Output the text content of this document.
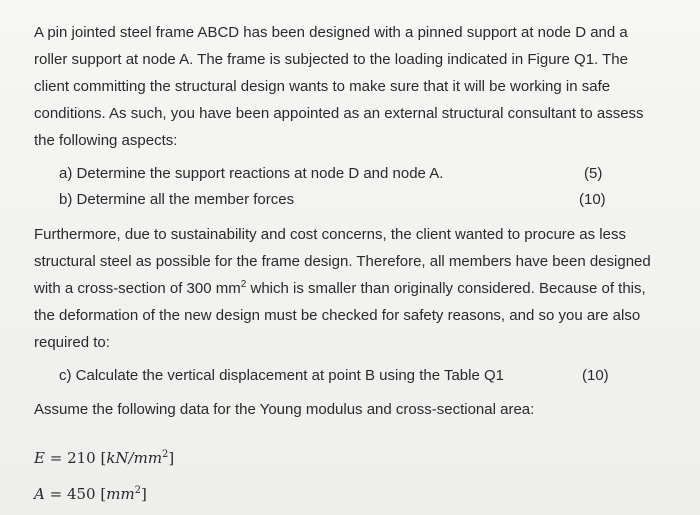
A pin jointed steel frame ABCD has been designed with a pinned support at node D and a roller support at node A. The frame is subjected to the loading indicated in Figure Q1. The client committing the structural design wants to make sure that it will be working in safe conditions. As such, you have been appointed as an external structural consultant to assess the following aspects:

a) Determine the support reactions at node D and node A.	(5)
b) Determine all the member forces	(10)

Furthermore, due to sustainability and cost concerns, the client wanted to procure as less structural steel as possible for the frame design. Therefore, all members have been designed with a cross-section of 300 $mm^2$ which is smaller than originally considered. Because of this, the deformation of the new design must be checked for safety reasons, and so you are also required to:

c) Calculate the vertical displacement at point B using the Table Q1	(10)

Assume the following data for the Young modulus and cross-sectional area:

E = 210 $[kN/mm^2]$
A = 450 $[mm^2]$
